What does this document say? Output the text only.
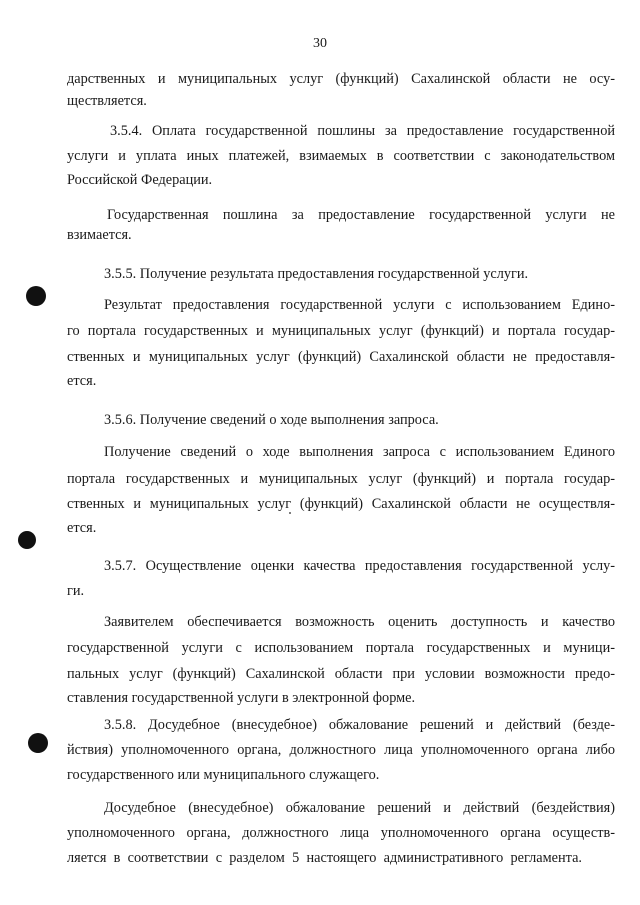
30
дарственных и муниципальных услуг (функций) Сахалинской области не осу-
ществляется.
3.5.4. Оплата государственной пошлины за предоставление государственной
услуги и уплата иных платежей, взимаемых в соответствии с законодательством
Российской Федерации.
Государственная пошлина за предоставление государственной услуги не
взимается.
3.5.5. Получение результата предоставления государственной услуги.
Результат предоставления государственной услуги с использованием Едино-
го портала государственных и муниципальных услуг (функций) и портала государ-
ственных и муниципальных услуг (функций) Сахалинской области не предоставля-
ется.
3.5.6. Получение сведений о ходе выполнения запроса.
Получение сведений о ходе выполнения запроса с использованием Единого
портала государственных и муниципальных услуг (функций) и портала государ-
ственных и муниципальных услуг (функций) Сахалинской области не осуществля-
ется.
3.5.7. Осуществление оценки качества предоставления государственной услу-
ги.
Заявителем обеспечивается возможность оценить доступность и качество
государственной услуги с использованием портала государственных и муници-
пальных услуг (функций) Сахалинской области при условии возможности предо-
ставления государственной услуги в электронной форме.
3.5.8. Досудебное (внесудебное) обжалование решений и действий (безде-
йствия) уполномоченного органа, должностного лица уполномоченного органа либо
государственного или муниципального служащего.
Досудебное (внесудебное) обжалование решений и действий (бездействия)
уполномоченного органа, должностного лица уполномоченного органа осуществ-
ляется в соответствии с разделом 5 настоящего административного регламента.
